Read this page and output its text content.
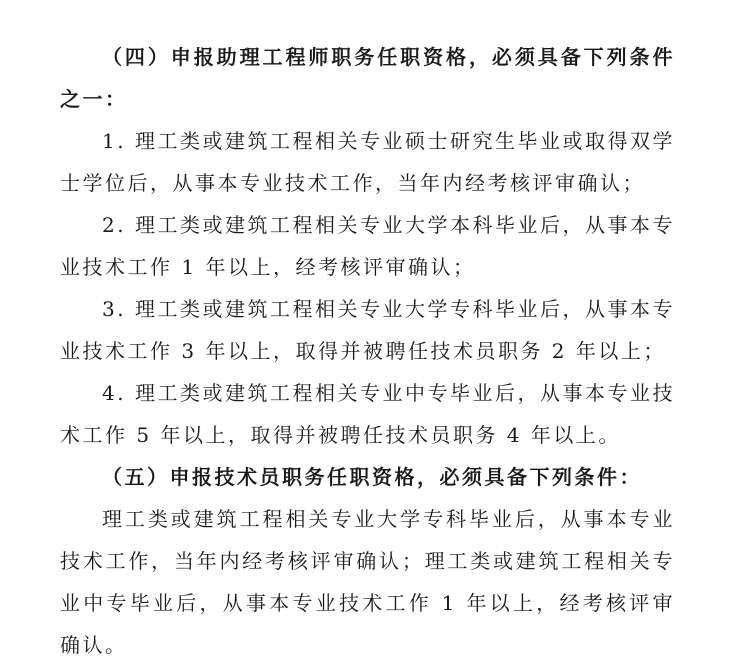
（四）申报助理工程师职务任职资格，必须具备下列条件之一：

1. 理工类或建筑工程相关专业硕士研究生毕业或取得双学士学位后，从事本专业技术工作，当年内经考核评审确认；

2. 理工类或建筑工程相关专业大学本科毕业后，从事本专业技术工作 1 年以上，经考核评审确认；

3. 理工类或建筑工程相关专业大学专科毕业后，从事本专业技术工作 3 年以上，取得并被聘任技术员职务 2 年以上；

4. 理工类或建筑工程相关专业中专毕业后，从事本专业技术工作 5 年以上，取得并被聘任技术员职务 4 年以上。

（五）申报技术员职务任职资格，必须具备下列条件：

理工类或建筑工程相关专业大学专科毕业后，从事本专业技术工作，当年内经考核评审确认；理工类或建筑工程相关专业中专毕业后，从事本专业技术工作 1 年以上，经考核评审确认。
